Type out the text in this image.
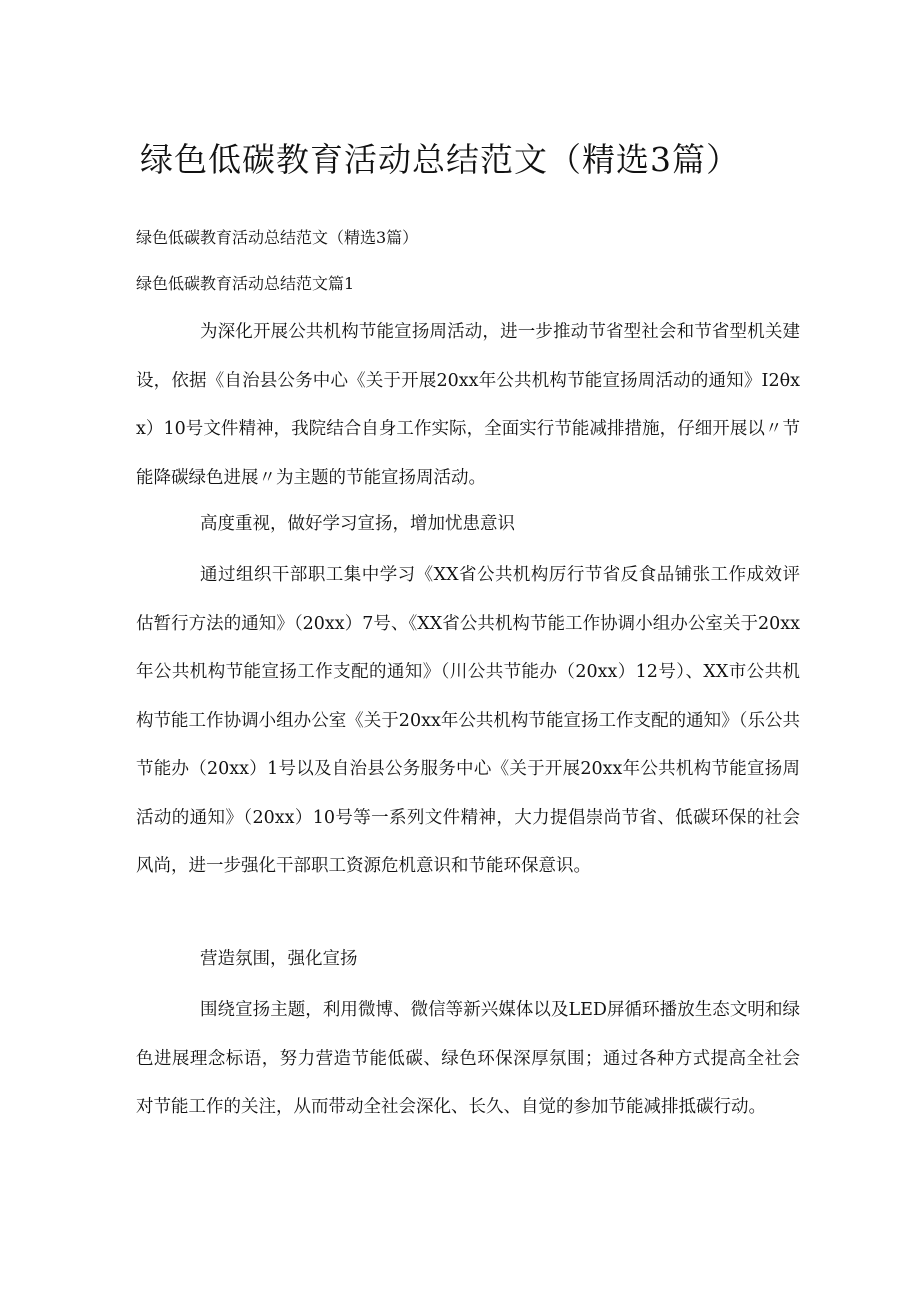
绿色低碳教育活动总结范文（精选3篇）

绿色低碳教育活动总结范文（精选3篇）

绿色低碳教育活动总结范文篇1

为深化开展公共机构节能宣扬周活动，进一步推动节省型社会和节省型机关建设，依据《自治县公务中心《关于开展20xx年公共机构节能宣扬周活动的通知》I2θxx）10号文件精神，我院结合自身工作实际，全面实行节能减排措施，仔细开展以〃节能降碳绿色进展〃为主题的节能宣扬周活动。

高度重视，做好学习宣扬，增加忧患意识

通过组织干部职工集中学习《XX省公共机构厉行节省反食品铺张工作成效评估暂行方法的通知》（20xx）7号、《XX省公共机构节能工作协调小组办公室关于20xx年公共机构节能宣扬工作支配的通知》（川公共节能办（20xx）12号）、XX市公共机构节能工作协调小组办公室《关于20xx年公共机构节能宣扬工作支配的通知》（乐公共节能办（20xx）1号以及自治县公务服务中心《关于开展20xx年公共机构节能宣扬周活动的通知》（20xx）10号等一系列文件精神，大力提倡崇尚节省、低碳环保的社会风尚，进一步强化干部职工资源危机意识和节能环保意识。

营造氛围，强化宣扬

围绕宣扬主题，利用微博、微信等新兴媒体以及LED屏循环播放生态文明和绿色进展理念标语，努力营造节能低碳、绿色环保深厚氛围；通过各种方式提高全社会对节能工作的关注，从而带动全社会深化、长久、自觉的参加节能减排抵碳行动。
